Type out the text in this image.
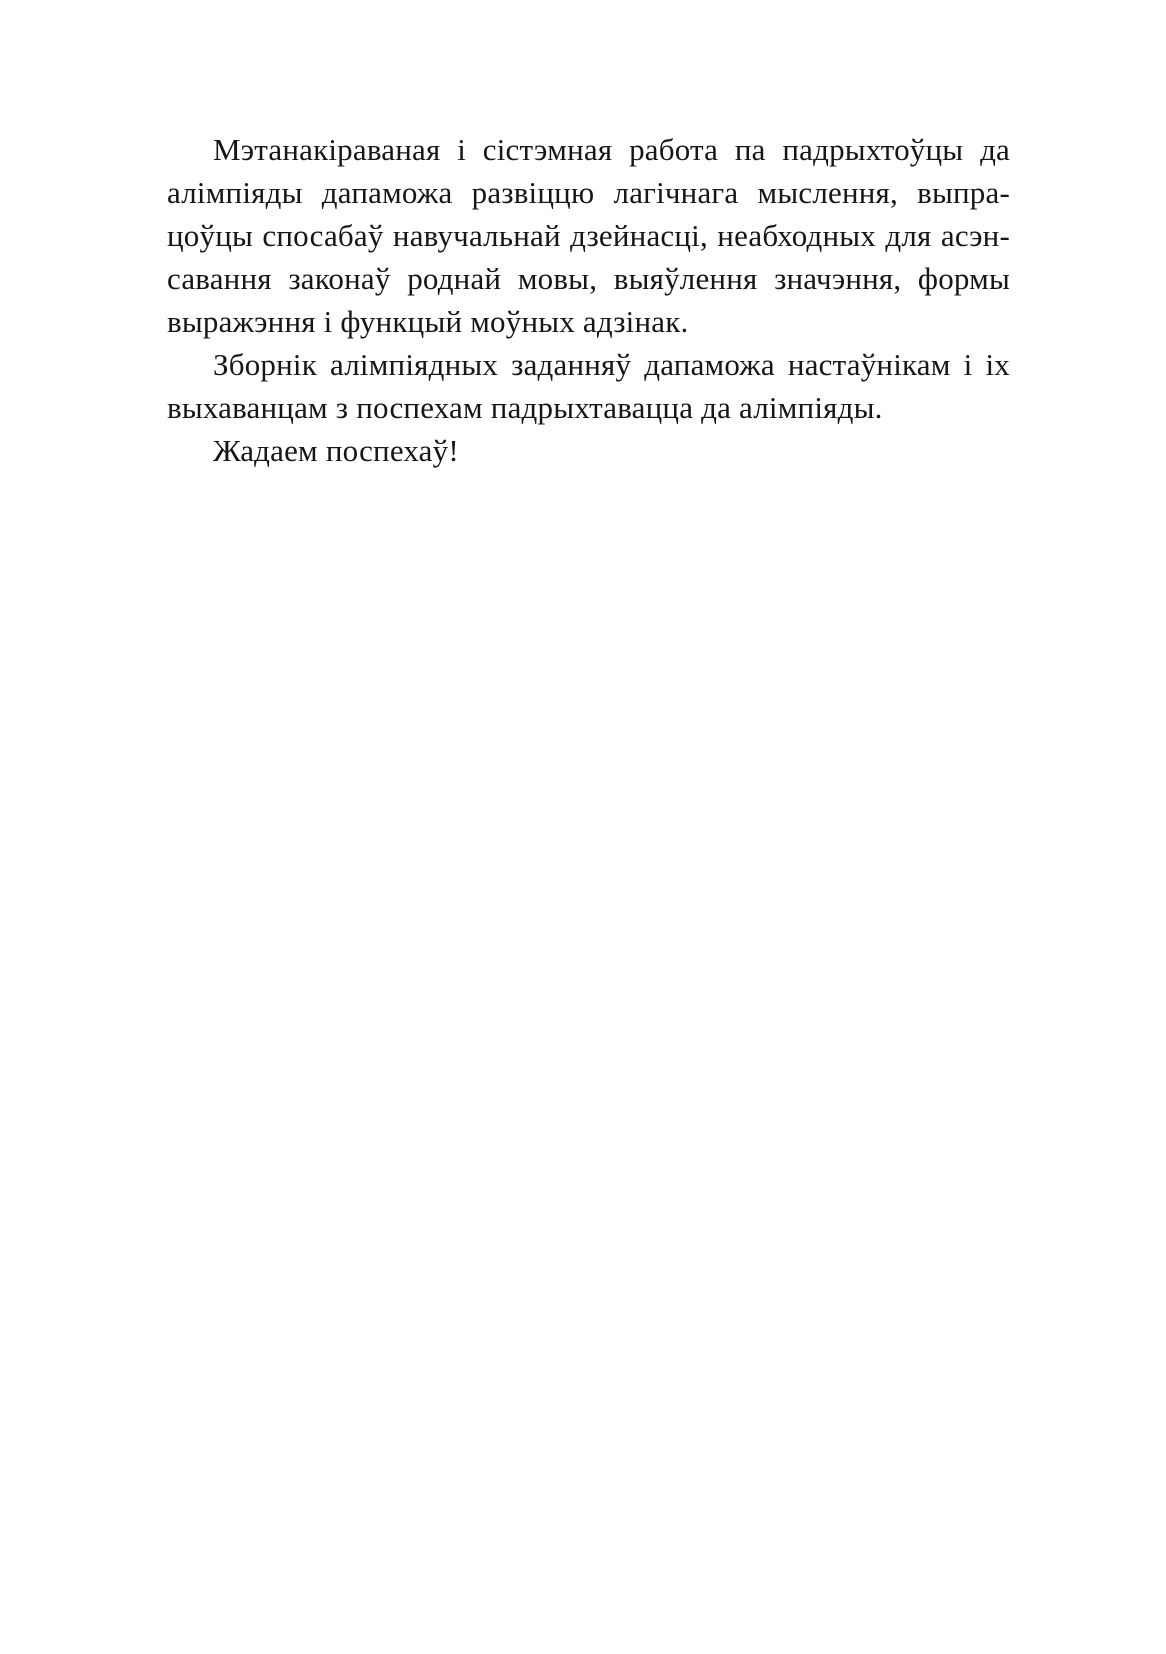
Мэтанакіраваная і сістэмная работа па падрыхтоўцы да
алімпіяды дапаможа развіццю лагічнага мыслення, выпра-
цоўцы спосабаў навучальнай дзейнасці, неабходных для асэн-
савання законаў роднай мовы, выяўлення значэння, формы
выражэння і функцый моўных адзінак.
Зборнік алімпіядных заданняў дапаможа настаўнікам і іх
выхаванцам з поспехам падрыхтавацца да алімпіяды.
Жадаем поспехаў!
